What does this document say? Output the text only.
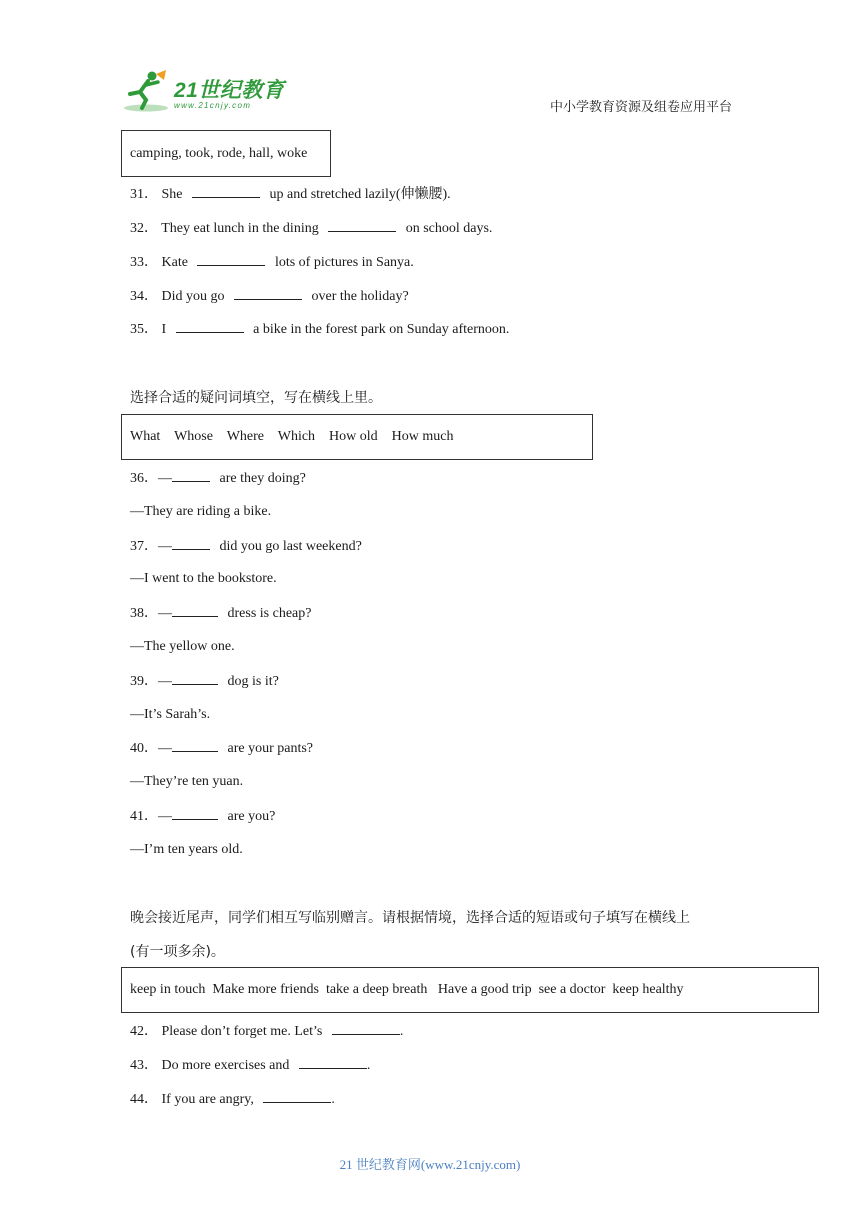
21世纪教育
www.21cnjy.com	中小学教育资源及组卷应用平台
camping, took, rode, hall, woke
31． She	up and stretched lazily(伸懒腰).
32． They eat lunch in the dining	on school days.
33． Kate	lots of pictures in Sanya.
34． Did you go	over the holiday?
35． I	a bike in the forest park on Sunday afternoon.
选择合适的疑问词填空，写在横线上里。
What    Whose    Where    Which    How old    How much
36．—	are they doing?
—They are riding a bike.
37．—	did you go last weekend?
—I went to the bookstore.
38．—	dress is cheap?
—The yellow one.
39．—	dog is it?
—It’s Sarah’s.
40．—	are your pants?
—They’re ten yuan.
41．—	are you?
—I’m ten years old.
晚会接近尾声，同学们相互写临别赠言。请根据情境，选择合适的短语或句子填写在横线上
(有一项多余)。
keep in touch  Make more friends  take a deep breath   Have a good trip  see a doctor  keep healthy
42． Please don’t forget me. Let’s	.
43． Do more exercises and	.
44． If you are angry,	.
21 世纪教育网(www.21cnjy.com)
